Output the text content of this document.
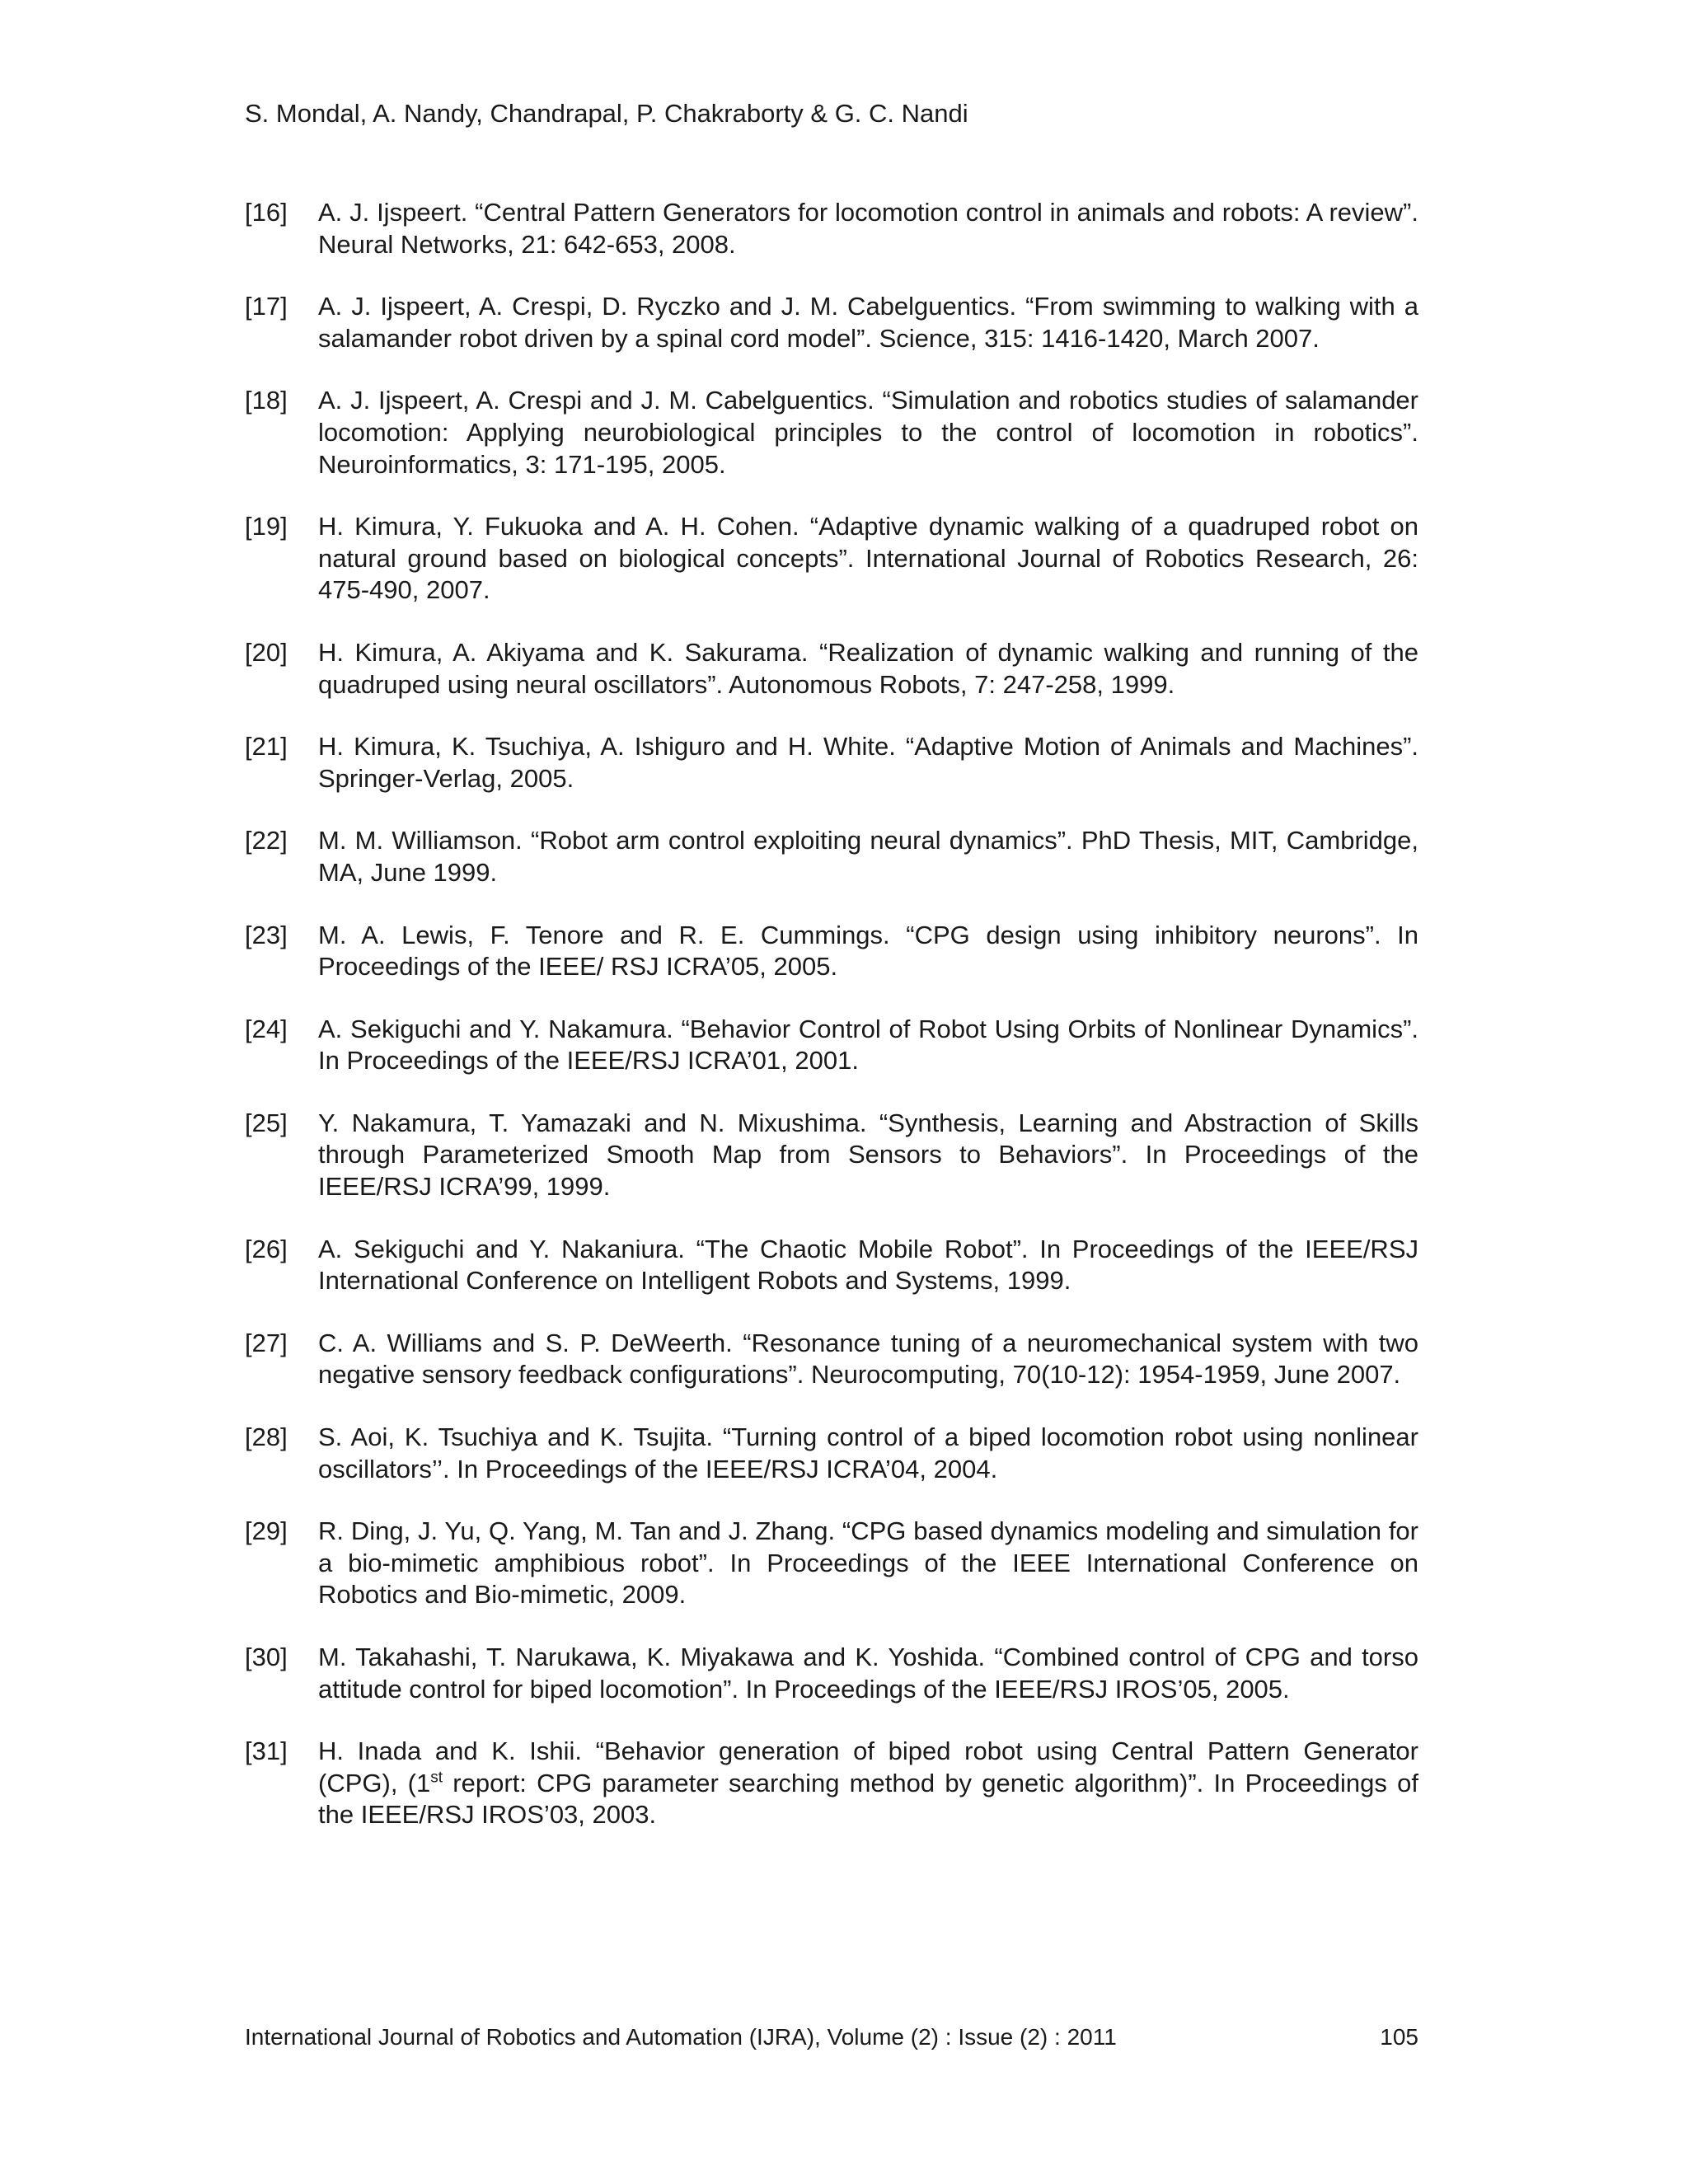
S. Mondal, A. Nandy, Chandrapal, P. Chakraborty & G. C. Nandi
[16] A. J. Ijspeert. “Central Pattern Generators for locomotion control in animals and robots: A review”. Neural Networks, 21: 642-653, 2008.
[17] A. J. Ijspeert, A. Crespi, D. Ryczko and J. M. Cabelguentics. “From swimming to walking with a salamander robot driven by a spinal cord model”. Science, 315: 1416-1420, March 2007.
[18] A. J. Ijspeert, A. Crespi and J. M. Cabelguentics. “Simulation and robotics studies of salamander locomotion: Applying neurobiological principles to the control of locomotion in robotics”. Neuroinformatics, 3: 171-195, 2005.
[19] H. Kimura, Y. Fukuoka and A. H. Cohen. “Adaptive dynamic walking of a quadruped robot on natural ground based on biological concepts”. International Journal of Robotics Research, 26: 475-490, 2007.
[20] H. Kimura, A. Akiyama and K. Sakurama. “Realization of dynamic walking and running of the quadruped using neural oscillators”. Autonomous Robots, 7: 247-258, 1999.
[21] H. Kimura, K. Tsuchiya, A. Ishiguro and H. White. “Adaptive Motion of Animals and Machines”. Springer-Verlag, 2005.
[22] M. M. Williamson. “Robot arm control exploiting neural dynamics”. PhD Thesis, MIT, Cambridge, MA, June 1999.
[23] M. A. Lewis, F. Tenore and R. E. Cummings. “CPG design using inhibitory neurons”. In Proceedings of the IEEE/ RSJ ICRA’05, 2005.
[24] A. Sekiguchi and Y. Nakamura. “Behavior Control of Robot Using Orbits of Nonlinear Dynamics”. In Proceedings of the IEEE/RSJ ICRA’01, 2001.
[25] Y. Nakamura, T. Yamazaki and N. Mixushima. “Synthesis, Learning and Abstraction of Skills through Parameterized Smooth Map from Sensors to Behaviors”. In Proceedings of the IEEE/RSJ ICRA’99, 1999.
[26] A. Sekiguchi and Y. Nakaniura. “The Chaotic Mobile Robot”. In Proceedings of the IEEE/RSJ International Conference on Intelligent Robots and Systems, 1999.
[27] C. A. Williams and S. P. DeWeerth. “Resonance tuning of a neuromechanical system with two negative sensory feedback configurations”. Neurocomputing, 70(10-12): 1954-1959, June 2007.
[28] S. Aoi, K. Tsuchiya and K. Tsujita. “Turning control of a biped locomotion robot using nonlinear oscillators’’. In Proceedings of the IEEE/RSJ ICRA’04, 2004.
[29] R. Ding, J. Yu, Q. Yang, M. Tan and J. Zhang. “CPG based dynamics modeling and simulation for a bio-mimetic amphibious robot”. In Proceedings of the IEEE International Conference on Robotics and Bio-mimetic, 2009.
[30] M. Takahashi, T. Narukawa, K. Miyakawa and K. Yoshida. “Combined control of CPG and torso attitude control for biped locomotion”. In Proceedings of the IEEE/RSJ IROS’05, 2005.
[31] H. Inada and K. Ishii. “Behavior generation of biped robot using Central Pattern Generator (CPG), (1st report: CPG parameter searching method by genetic algorithm)”. In Proceedings of the IEEE/RSJ IROS’03, 2003.
International Journal of Robotics and Automation (IJRA), Volume (2) : Issue (2) : 2011	105
